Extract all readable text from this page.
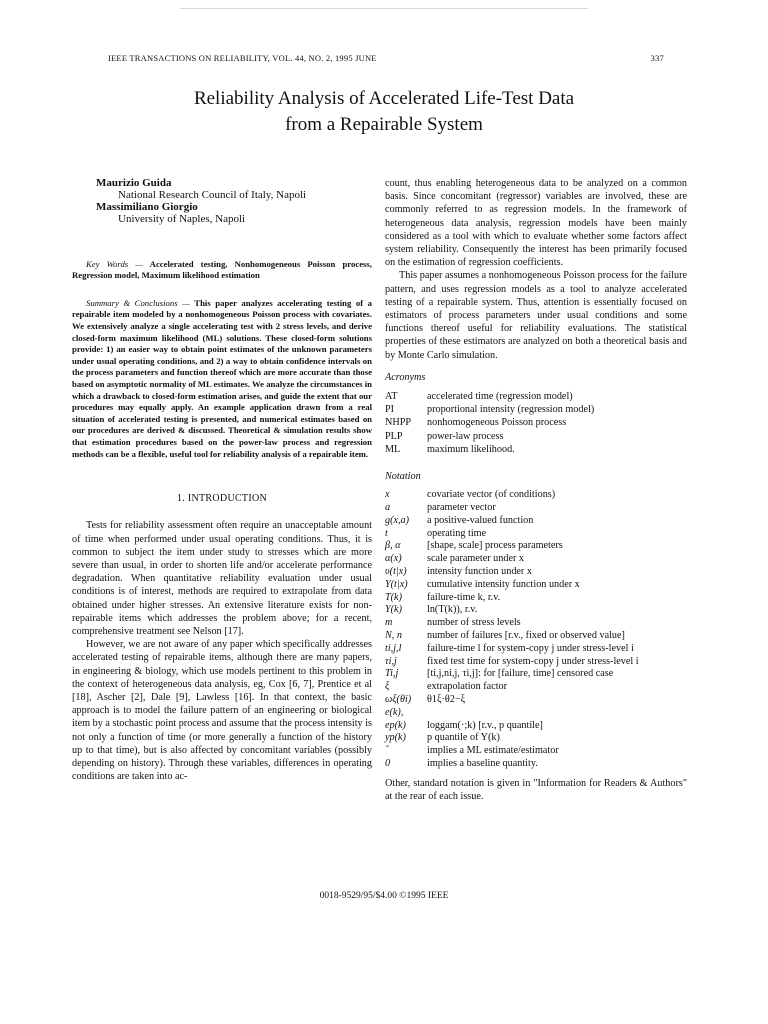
IEEE TRANSACTIONS ON RELIABILITY, VOL. 44, NO. 2, 1995 JUNE	337
Reliability Analysis of Accelerated Life-Test Data
from a Repairable System
Maurizio Guida
National Research Council of Italy, Napoli
Massimiliano Giorgio
University of Naples, Napoli
Key Words — Accelerated testing, Nonhomogeneous Poisson process, Regression model, Maximum likelihood estimation
Summary & Conclusions — This paper analyzes accelerating testing of a repairable item modeled by a nonhomogeneous Poisson process with covariates. We extensively analyze a single accelerating test with 2 stress levels, and derive closed-form maximum likelihood (ML) solutions. These closed-form solutions provide: 1) an easier way to obtain point estimates of the unknown parameters under usual operating conditions, and 2) a way to obtain confidence intervals on the process parameters and function thereof which are more accurate than those based on asymptotic normality of ML estimates. We analyze the circumstances in which a drawback to closed-form estimation arises, and guide the extent that our procedures may equally apply. An example application drawn from a real situation of accelerated testing is presented, and numerical estimates based on our procedures are derived & discussed. Theoretical & simulation results show that estimation procedures based on the power-law process and regression methods can be a flexible, useful tool for reliability analysis of a repairable item.
1. INTRODUCTION

Tests for reliability assessment often require an unacceptable amount of time when performed under usual operating conditions. Thus, it is common to subject the item under study to stresses which are more severe than usual, in order to shorten life and/or accelerate performance degradation. When quantitative reliability evaluation under usual conditions is of interest, methods are required to extrapolate from data obtained under higher stresses. An extensive literature exists for non-repairable items which addresses the problem above; for a recent, comprehensive treatment see Nelson [17].

However, we are not aware of any paper which specifically addresses accelerated testing of repairable items, although there are many papers, in engineering & biology, which use models pertinent to this problem in the context of heterogeneous data analysis, eg, Cox [6, 7], Prentice et al [18], Ascher [2], Dale [9], Lawless [16]. In that context, the basic approach is to model the failure pattern of an engineering or biological item by a stochastic point process and assume that the process intensity is not only a function of time (or more generally a function of the history up to that time), but is also affected by concomitant variables (possibly depending on history). Through these variables, differences in operating conditions are taken into ac-

count, thus enabling heterogeneous data to be analyzed on a common basis. Since concomitant (regressor) variables are involved, these are commonly referred to as regression models. In the framework of heterogeneous data analysis, regression models have been mainly considered as a tool with which to evaluate whether some factors affect system reliability. Consequently the interest has been primarily focused on the estimation of regression coefficients.

This paper assumes a nonhomogeneous Poisson process for the failure pattern, and uses regression models as a tool to analyze accelerated testing of a repairable system. Thus, attention is essentially focused on estimators of process parameters under usual conditions and some functions thereof useful for reliability evaluations. The statistical properties of these estimators are analyzed on both a theoretical basis and by Monte Carlo simulation.

Acronyms
AT	accelerated time (regression model)
PI	proportional intensity (regression model)
NHPP	nonhomogeneous Poisson process
PLP	power-law process
ML	maximum likelihood.
Notation
x	covariate vector (of conditions)
a	parameter vector
g(x,a)	a positive-valued function
t	operating time
β, α	[shape, scale] process parameters
α(x)	scale parameter under x
υ(t|x)	intensity function under x
Υ(t|x)	cumulative intensity function under x
T(k)	failure-time k, r.v.
Y(k)	ln(T(k)), r.v.
m	number of stress levels
N, n	number of failures [r.v., fixed or observed value]
ti,j,l	failure-time l for system-copy j under stress-level i
τi,j	fixed test time for system-copy j under stress-level i
Ti,j	[ti,j,ni,j, τi,j]: for [failure, time] censored case
ξ	extrapolation factor
ωξ(θi)	θ1ξ·θ2−ξ
e(k),
ep(k)	loggam(·;k) [r.v., p quantile]
yp(k)	p quantile of Y(k)
ˆ	implies a ML estimate/estimator
0	implies a baseline quantity.

Other, standard notation is given in "Information for Readers & Authors" at the rear of each issue.

0018-9529/95/$4.00 ©1995 IEEE
